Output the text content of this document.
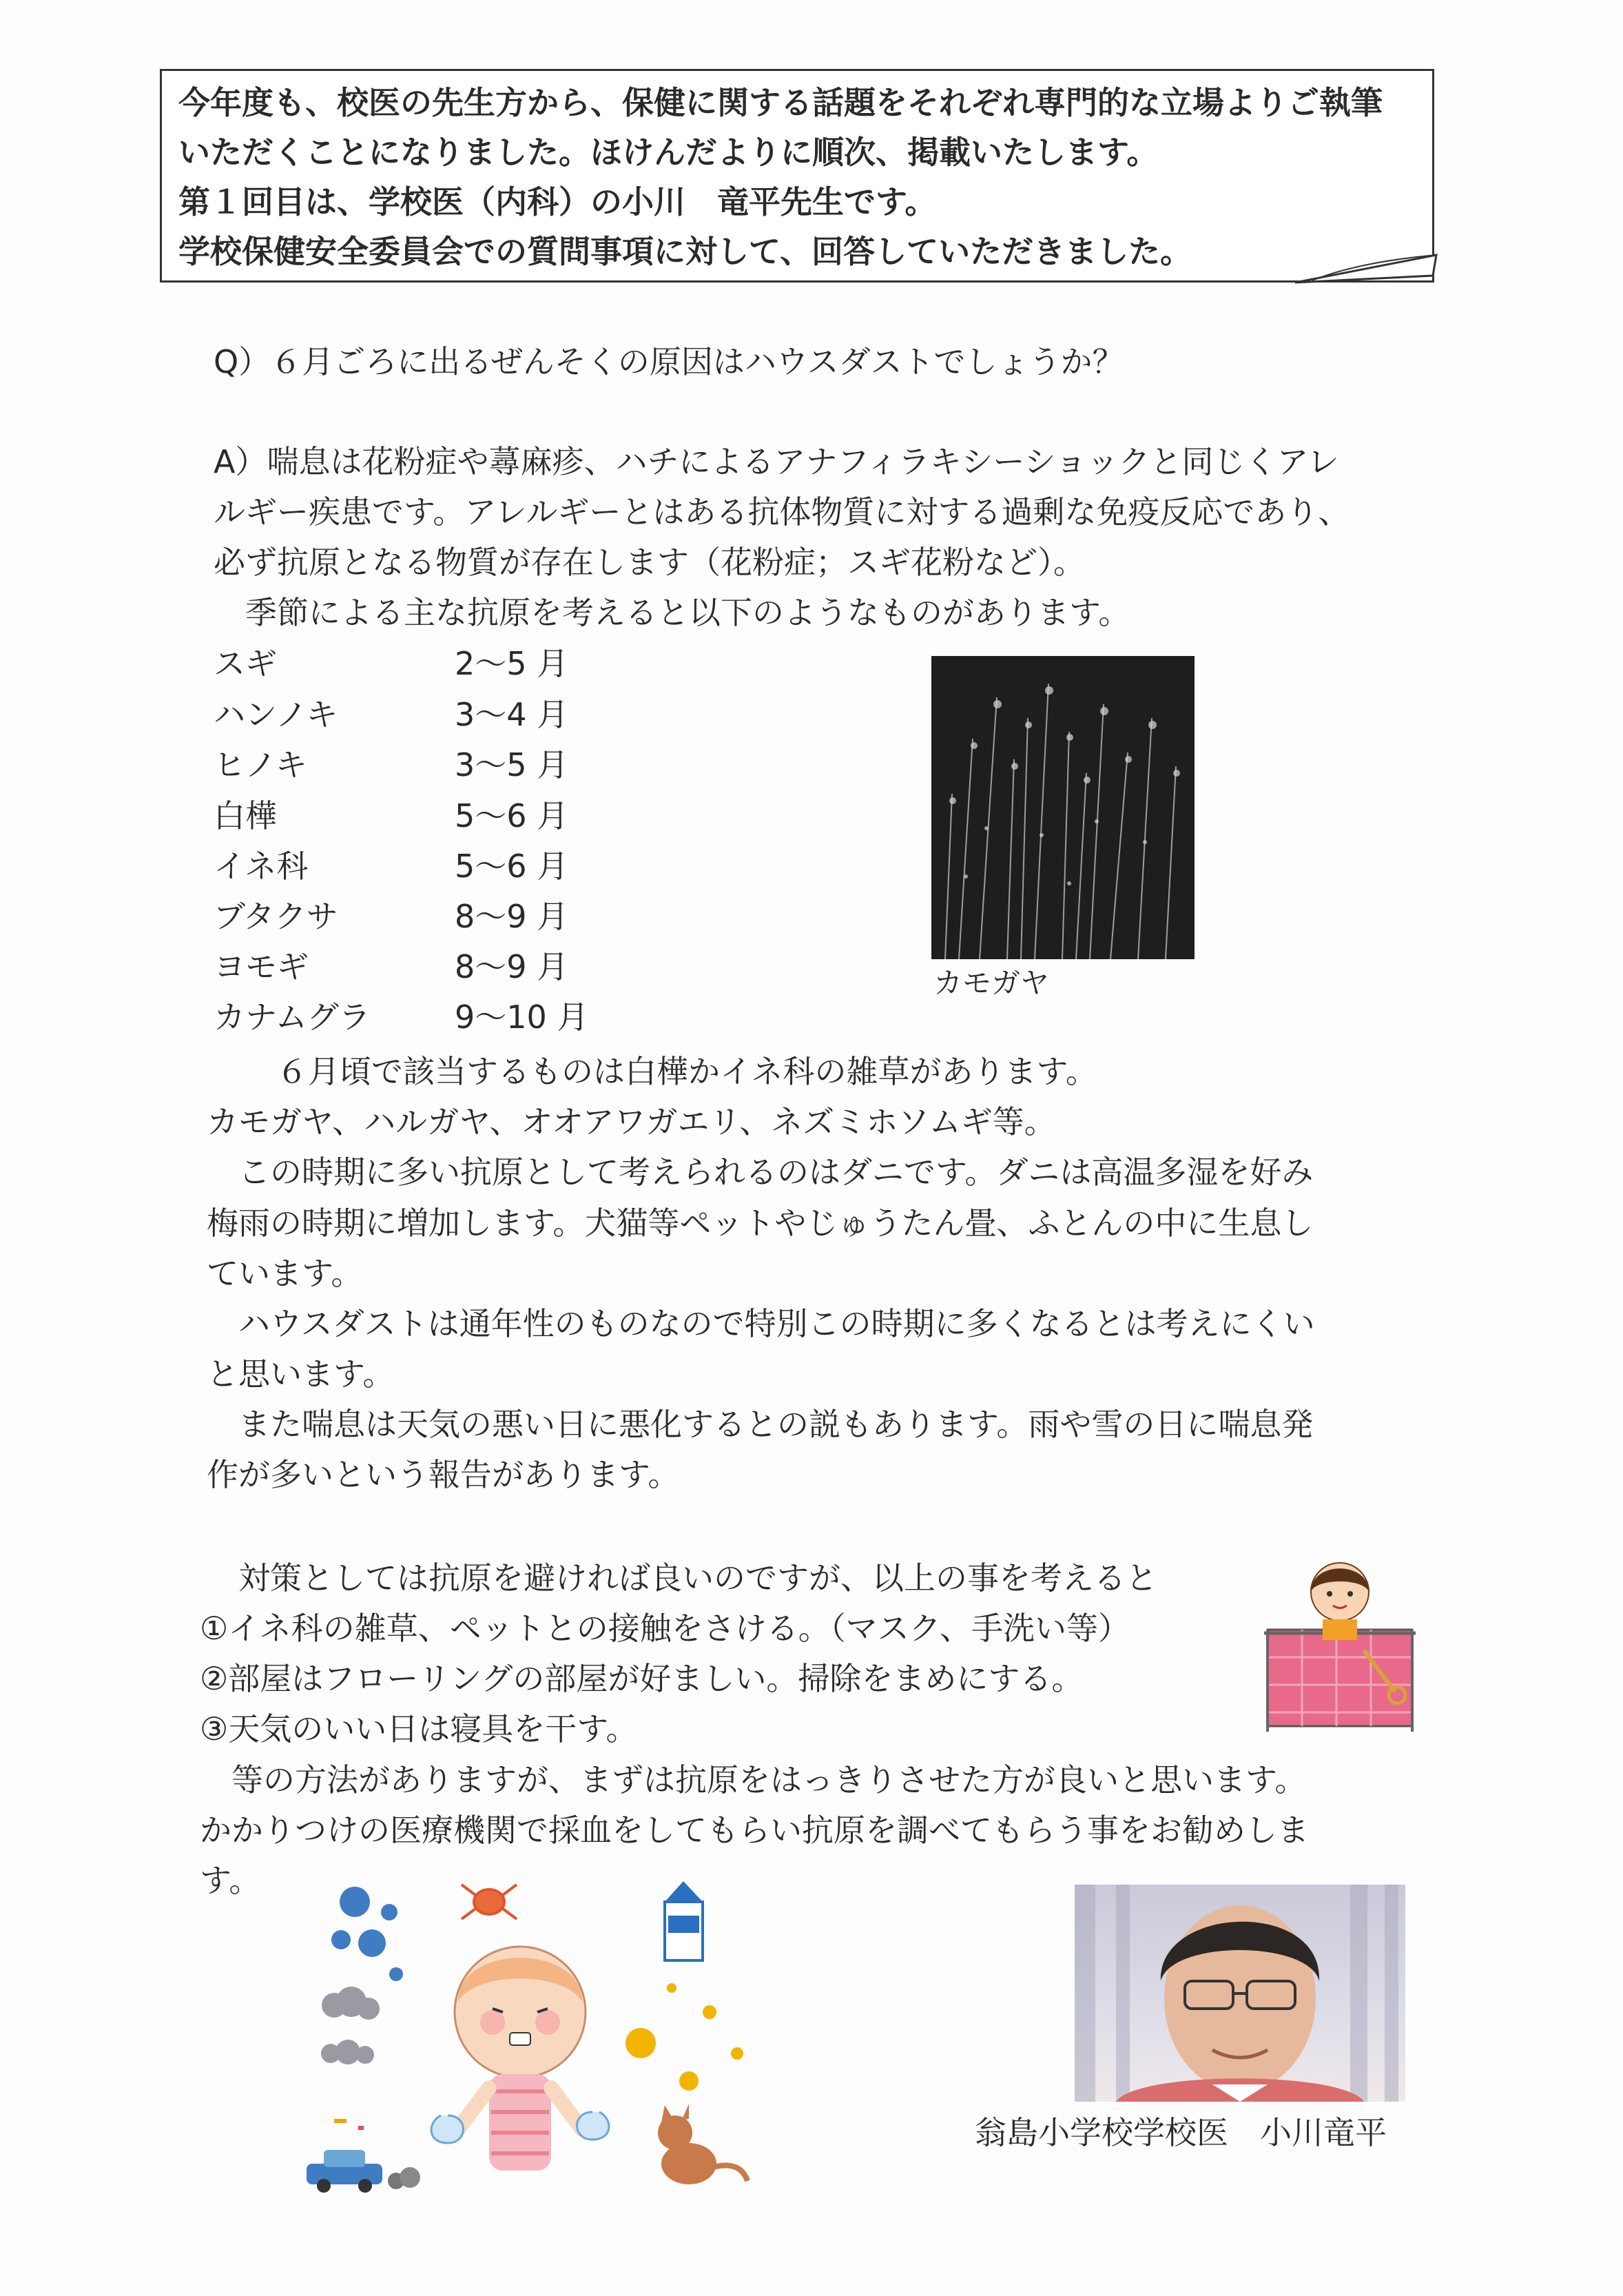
今年度も、校医の先生方から、保健に関する話題をそれぞれ専門的な立場よりご執筆
いただくことになりました。ほけんだよりに順次、掲載いたします。
第１回目は、学校医（内科）の小川　竜平先生です。
学校保健安全委員会での質問事項に対して、回答していただきました。
Q）６月ごろに出るぜんそくの原因はハウスダストでしょうか？
A）喘息は花粉症や蕁麻疹、ハチによるアナフィラキシーショックと同じくアレ
ルギー疾患です。アレルギーとはある抗体物質に対する過剰な免疫反応であり、
必ず抗原となる物質が存在します（花粉症；スギ花粉など）。
　季節による主な抗原を考えると以下のようなものがあります。
スギ	2～5 月
ハンノキ	3～4 月
ヒノキ	3～5 月
白樺	5～6 月
イネ科	5～6 月
ブタクサ	8～9 月
ヨモギ	8～9 月
カナムグラ	9～10 月
カモガヤ
　６月頃で該当するものは白樺かイネ科の雑草があります。
カモガヤ、ハルガヤ、オオアワガエリ、ネズミホソムギ等。
　この時期に多い抗原として考えられるのはダニです。ダニは高温多湿を好み
梅雨の時期に増加します。犬猫等ペットやじゅうたん畳、ふとんの中に生息し
ています。
　ハウスダストは通年性のものなので特別この時期に多くなるとは考えにくい
と思います。
　また喘息は天気の悪い日に悪化するとの説もあります。雨や雪の日に喘息発
作が多いという報告があります。
　対策としては抗原を避ければ良いのですが、以上の事を考えると
①イネ科の雑草、ペットとの接触をさける。（マスク、手洗い等）
②部屋はフローリングの部屋が好ましい。掃除をまめにする。
③天気のいい日は寝具を干す。
　等の方法がありますが、まずは抗原をはっきりさせた方が良いと思います。
かかりつけの医療機関で採血をしてもらい抗原を調べてもらう事をお勧めしま
す。
翁島小学校学校医　小川竜平
